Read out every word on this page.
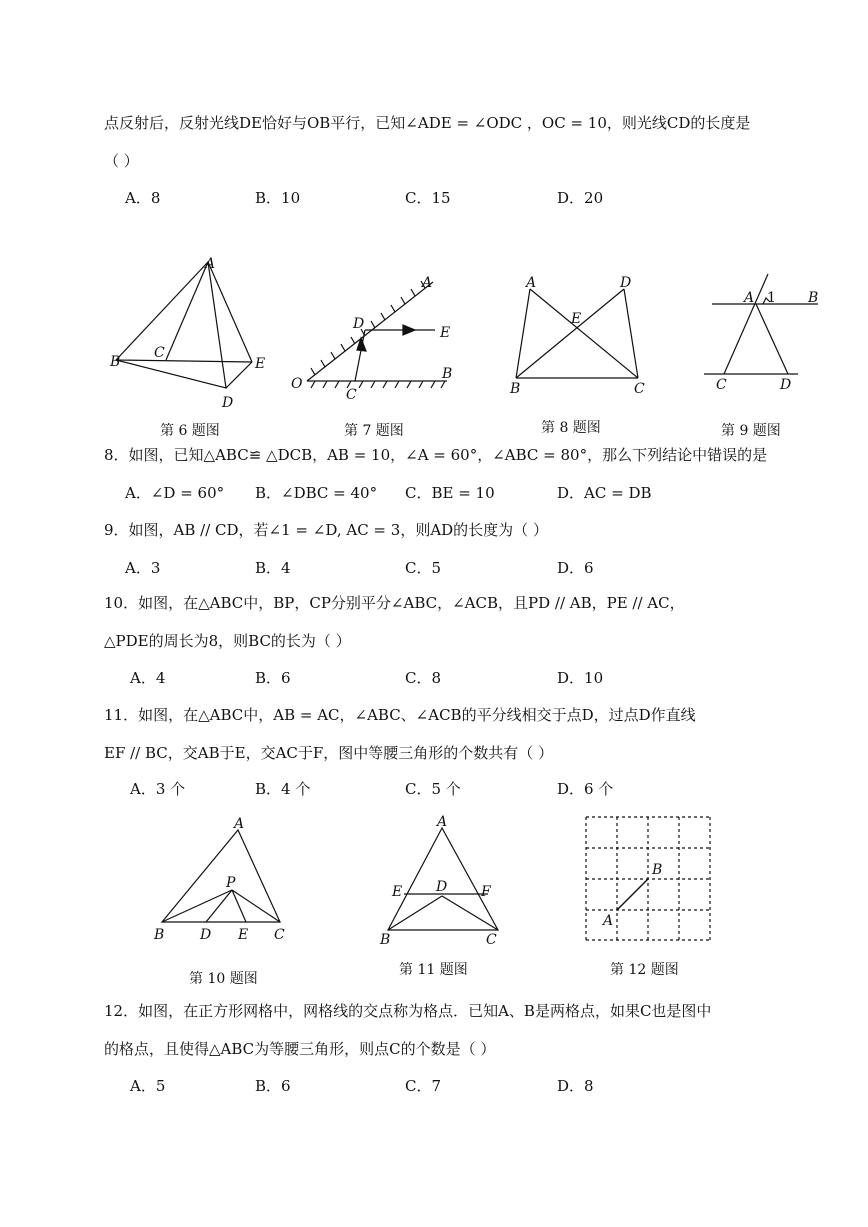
点反射后，反射光线DE恰好与OB平行，已知∠ADE = ∠ODC ，OC = 10，则光线CD的长度是
（ ）
A．8	B．10	C．15	D．20
A
B
C
E
D
第 6 题图
A
D
E
O
C
B
第 7 题图
A	D
E
B	C
第 8 题图
A 1 B
C	D
第 9 题图
8．如图，已知△ABC≌ △DCB，AB = 10，∠A = 60°，∠ABC = 80°，那么下列结论中错误的是
A．∠D = 60° B．∠DBC = 40° C．BE = 10	D．AC = DB
9．如图，AB // CD，若∠1 = ∠D, AC = 3，则AD的长度为（ ）
A．3	B．4	C．5	D．6
10．如图，在△ABC中，BP，CP分别平分∠ABC，∠ACB，且PD // AB，PE // AC，
△PDE的周长为8，则BC的长为（ ）
A．4	B．6	C．8	D．10
11．如图，在△ABC中，AB = AC，∠ABC、∠ACB的平分线相交于点D，过点D作直线
EF // BC，交AB于E，交AC于F，图中等腰三角形的个数共有（ ）
A．3 个	B．4 个	C．5 个	D．6 个
A
P
B	D E C
第 10 题图
A
E D F
B	C
第 11 题图
B
A
第 12 题图
12．如图，在正方形网格中，网格线的交点称为格点．已知A、B是两格点，如果C也是图中
的格点，且使得△ABC为等腰三角形，则点C的个数是（ ）
A．5	B．6	C．7	D．8
